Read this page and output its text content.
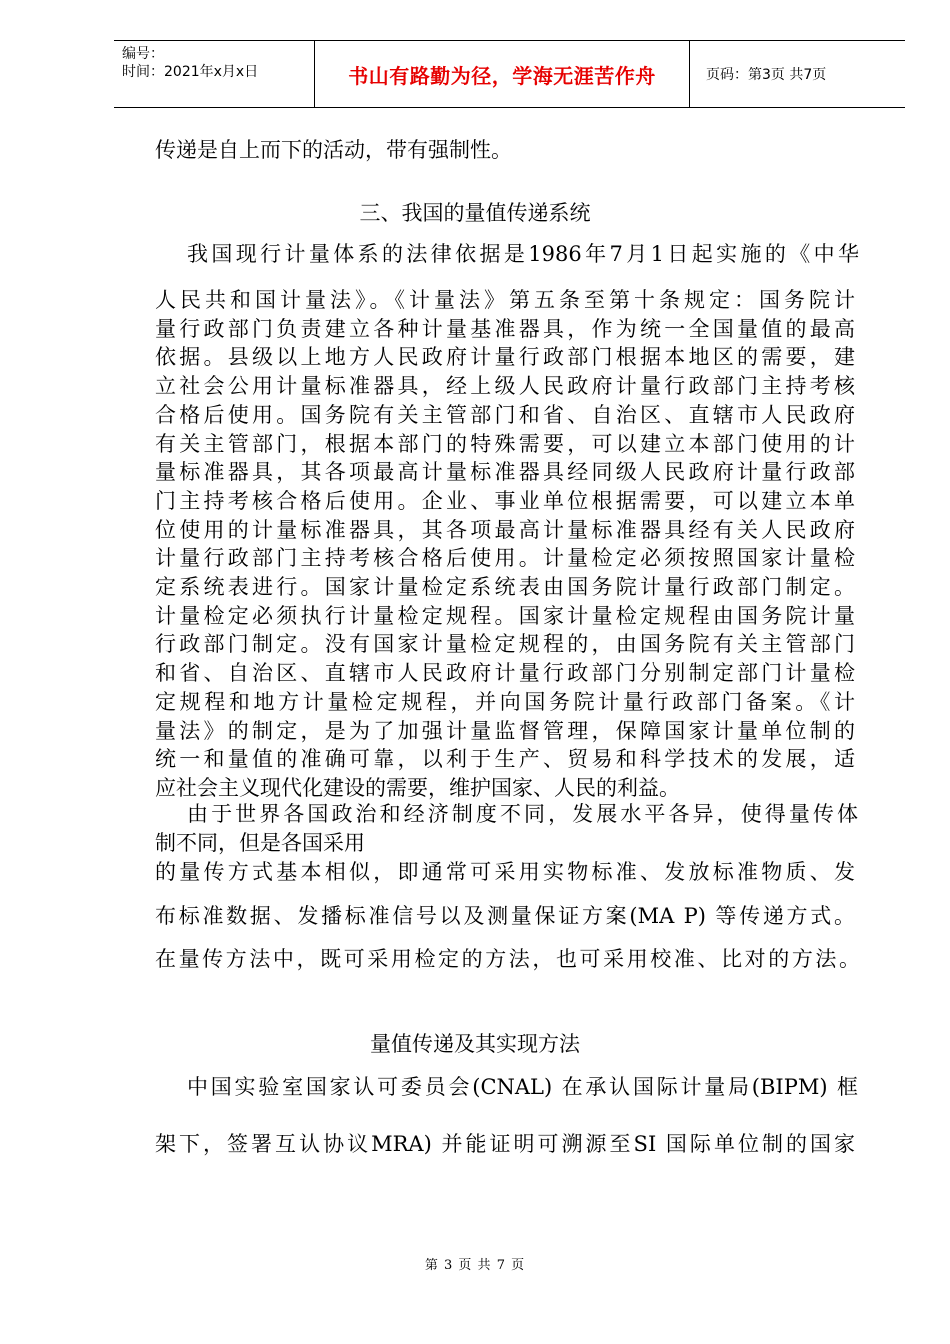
编号：
时间：2021年x月x日	书山有路勤为径，学海无涯苦作舟	页码：第3页 共7页
传递是自上而下的活动，带有强制性。
三、我国的量值传递系统
我国现行计量体系的法律依据是1986年7月1日起实施的《中华
人民共和国计量法》。《计量法》第五条至第十条规定：国务院计
量行政部门负责建立各种计量基准器具，作为统一全国量值的最高
依据。县级以上地方人民政府计量行政部门根据本地区的需要，建
立社会公用计量标准器具，经上级人民政府计量行政部门主持考核
合格后使用。国务院有关主管部门和省、自治区、直辖市人民政府
有关主管部门，根据本部门的特殊需要，可以建立本部门使用的计
量标准器具，其各项最高计量标准器具经同级人民政府计量行政部
门主持考核合格后使用。企业、事业单位根据需要，可以建立本单
位使用的计量标准器具，其各项最高计量标准器具经有关人民政府
计量行政部门主持考核合格后使用。计量检定必须按照国家计量检
定系统表进行。国家计量检定系统表由国务院计量行政部门制定。
计量检定必须执行计量检定规程。国家计量检定规程由国务院计量
行政部门制定。没有国家计量检定规程的，由国务院有关主管部门
和省、自治区、直辖市人民政府计量行政部门分别制定部门计量检
定规程和地方计量检定规程，并向国务院计量行政部门备案。《计
量法》的制定，是为了加强计量监督管理，保障国家计量单位制的
统一和量值的准确可靠，以利于生产、贸易和科学技术的发展，适
应社会主义现代化建设的需要，维护国家、人民的利益。
由于世界各国政治和经济制度不同，发展水平各异，使得量传体
制不同，但是各国采用
的量传方式基本相似，即通常可采用实物标准、发放标准物质、发
布标准数据、发播标准信号以及测量保证方案(MA P) 等传递方式。
在量传方法中，既可采用检定的方法，也可采用校准、比对的方法。
量值传递及其实现方法
中国实验室国家认可委员会(CNAL) 在承认国际计量局(BIPM) 框
架下，签署互认协议MRA) 并能证明可溯源至SI 国际单位制的国家
第 3 页 共 7 页
